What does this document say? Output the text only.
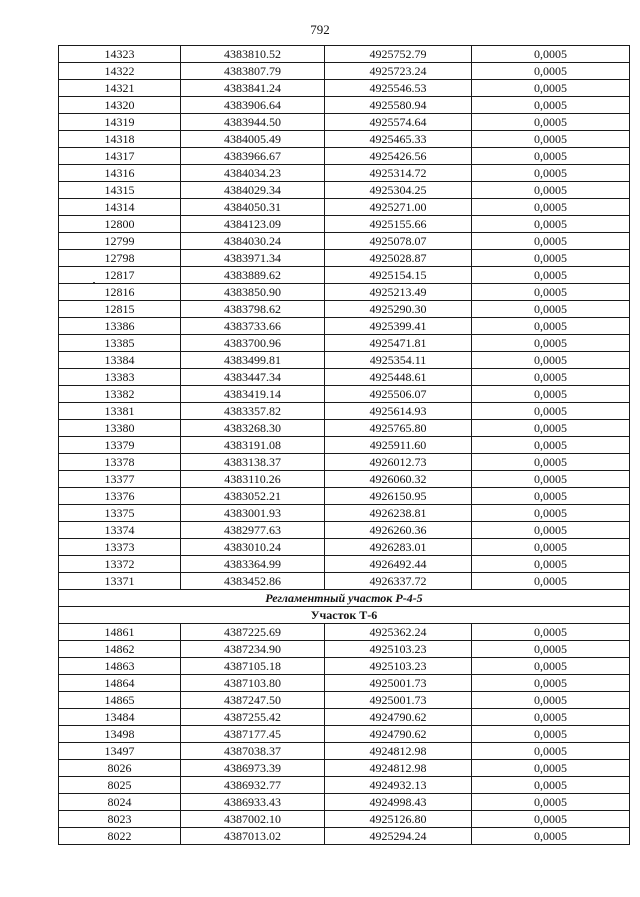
792
14323	4383810.52	4925752.79	0,0005
14322	4383807.79	4925723.24	0,0005
14321	4383841.24	4925546.53	0,0005
14320	4383906.64	4925580.94	0,0005
14319	4383944.50	4925574.64	0,0005
14318	4384005.49	4925465.33	0,0005
14317	4383966.67	4925426.56	0,0005
14316	4384034.23	4925314.72	0,0005
14315	4384029.34	4925304.25	0,0005
14314	4384050.31	4925271.00	0,0005
12800	4384123.09	4925155.66	0,0005
12799	4384030.24	4925078.07	0,0005
12798	4383971.34	4925028.87	0,0005
12817	4383889.62	4925154.15	0,0005
12816	4383850.90	4925213.49	0,0005
12815	4383798.62	4925290.30	0,0005
13386	4383733.66	4925399.41	0,0005
13385	4383700.96	4925471.81	0,0005
13384	4383499.81	4925354.11	0,0005
13383	4383447.34	4925448.61	0,0005
13382	4383419.14	4925506.07	0,0005
13381	4383357.82	4925614.93	0,0005
13380	4383268.30	4925765.80	0,0005
13379	4383191.08	4925911.60	0,0005
13378	4383138.37	4926012.73	0,0005
13377	4383110.26	4926060.32	0,0005
13376	4383052.21	4926150.95	0,0005
13375	4383001.93	4926238.81	0,0005
13374	4382977.63	4926260.36	0,0005
13373	4383010.24	4926283.01	0,0005
13372	4383364.99	4926492.44	0,0005
13371	4383452.86	4926337.72	0,0005
Регламентный участок Р-4-5			
Участок Т-6			
14861	4387225.69	4925362.24	0,0005
14862	4387234.90	4925103.23	0,0005
14863	4387105.18	4925103.23	0,0005
14864	4387103.80	4925001.73	0,0005
14865	4387247.50	4925001.73	0,0005
13484	4387255.42	4924790.62	0,0005
13498	4387177.45	4924790.62	0,0005
13497	4387038.37	4924812.98	0,0005
8026	4386973.39	4924812.98	0,0005
8025	4386932.77	4924932.13	0,0005
8024	4386933.43	4924998.43	0,0005
8023	4387002.10	4925126.80	0,0005
8022	4387013.02	4925294.24	0,0005
